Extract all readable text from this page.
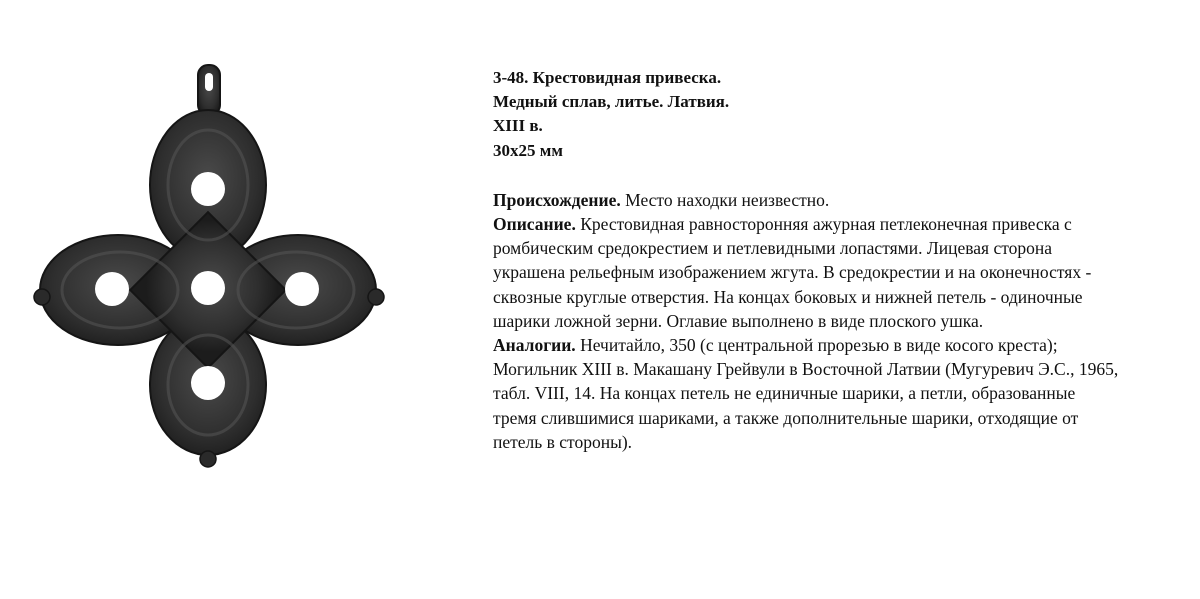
3-48. Крестовидная привеска.
Медный сплав, литье. Латвия.
XIII в.
30х25 мм
Происхождение. Место находки неизвестно.
Описание. Крестовидная равносторонняя ажурная петлеконечная привеска с
ромбическим средокрестием и петлевидными лопастями. Лицевая сторона
украшена рельефным изображением жгута. В средокрестии и на оконечностях -
сквозные круглые отверстия. На концах боковых и нижней петель - одиночные
шарики ложной зерни. Оглавие выполнено в виде плоского ушка.
Аналогии. Нечитайло, 350 (с центральной прорезью в виде косого креста);
Могильник XIII в. Макашану Грейвули в Восточной Латвии (Мугуревич Э.С., 1965,
табл. VIII, 14. На концах петель не единичные шарики, а петли, образованные
тремя слившимися шариками, а также дополнительные шарики, отходящие от
петель в стороны).
